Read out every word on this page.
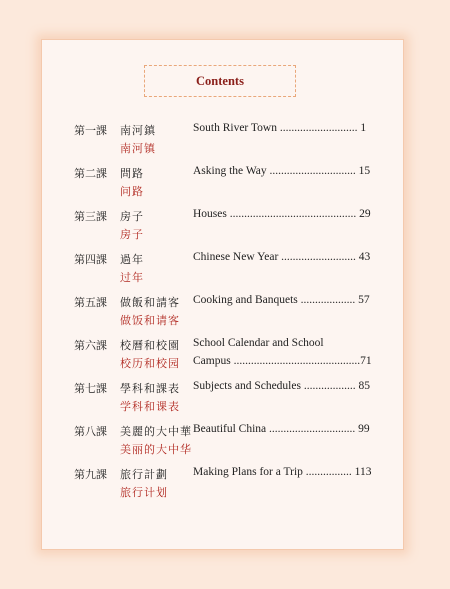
Contents
第一課 南河鎮
南河镇
South River Town ........................... 1
第二課 問路
问路
Asking the Way .............................. 15
第三課 房子
房子
Houses ............................................ 29
第四課 過年
过年
Chinese New Year .......................... 43
第五課 做飯和請客
做饭和请客
Cooking and Banquets ................... 57
第六課 校曆和校園
校历和校园
School Calendar and School
Campus ............................................71
第七課 學科和課表
学科和课表
Subjects and Schedules .................. 85
第八課 美麗的大中華
美丽的大中华
Beautiful China .............................. 99
第九課 旅行計劃
旅行计划
Making Plans for a Trip ................ 113
